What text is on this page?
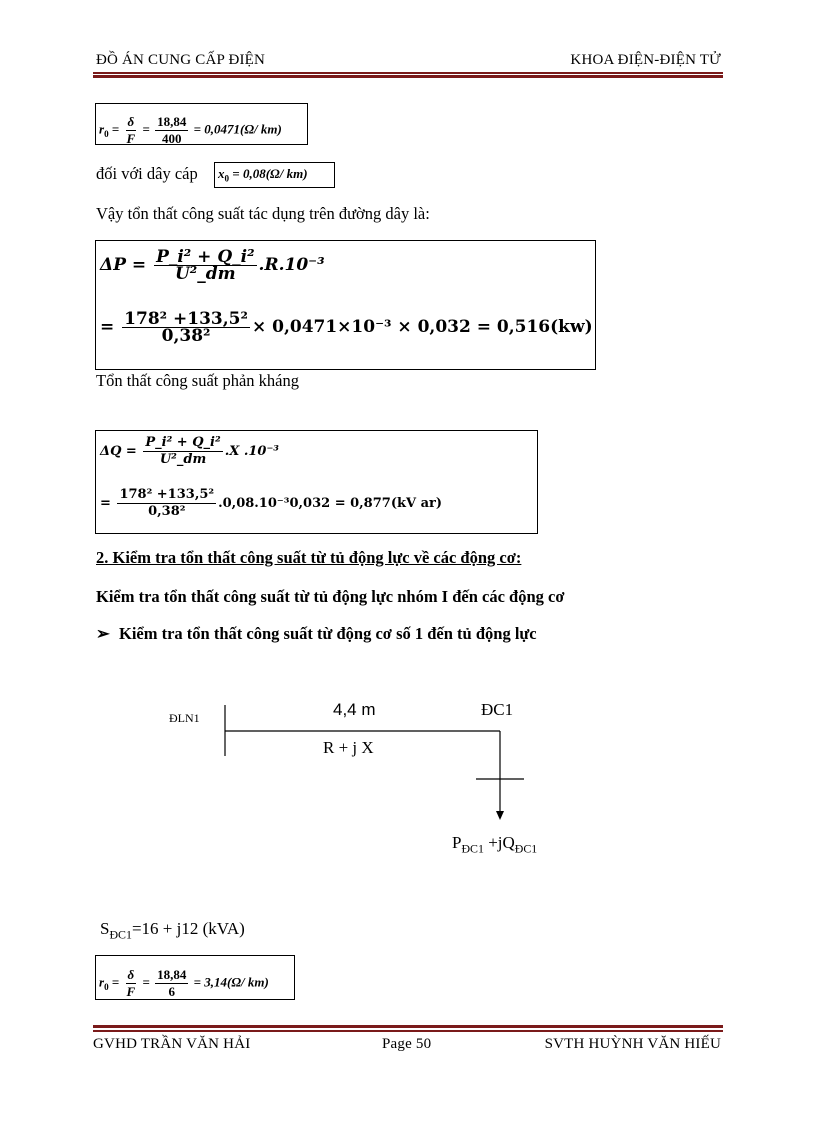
ĐỒ ÁN CUNG CẤP ĐIỆN	KHOA ĐIỆN-ĐIỆN TỬ
$r_0 = \frac{\delta}{F} = \frac{18,84}{400} = 0,0471(\Omega/$ km)
đối với dây cáp $x_0 = 0,08(\Omega/$ km)
Vậy tổn thất công suất tác dụng trên đường dây là:
$\Delta P = \frac{\text{P\_i² + Q\_i²}}{\text{U²\_dm}} .R.10^{-3}$
= $\frac{\text{178² +133,5²}}{\text{0,38²}} \times 0,0471\times 10^{-3} \times 0,032 = 0,516(kw)$
Tổn thất công suất phản kháng
$\Delta Q = \frac{\text{P\_i² + Q\_i²}}{\text{U²\_dm}} .X$ .10⁻³
= $\frac{\text{178² +133,5²}}{\text{0,38²}} .0,08.10^{-3}0,032 = 0,877(kV$ ar)
2. Kiểm tra tổn thất công suất từ tủ động lực về các động cơ:
Kiểm tra tổn thất công suất từ tủ động lực nhóm I đến các động cơ
➢ Kiểm tra tổn thất công suất từ động cơ số 1 đến tủ động lực
ĐLN1	4,4 m	ĐC1
R + j X
$P_{ĐC1} +jQ_{ĐC1}$
$S_{ĐC1}=16 + j12$ (kVA)
$r_0 = \frac{\delta}{F} = \frac{18,84}{6} = 3,14(\Omega/$ km)
GVHD TRẦN VĂN HẢI	Page 50	SVTH HUỲNH VĂN HIẾU
